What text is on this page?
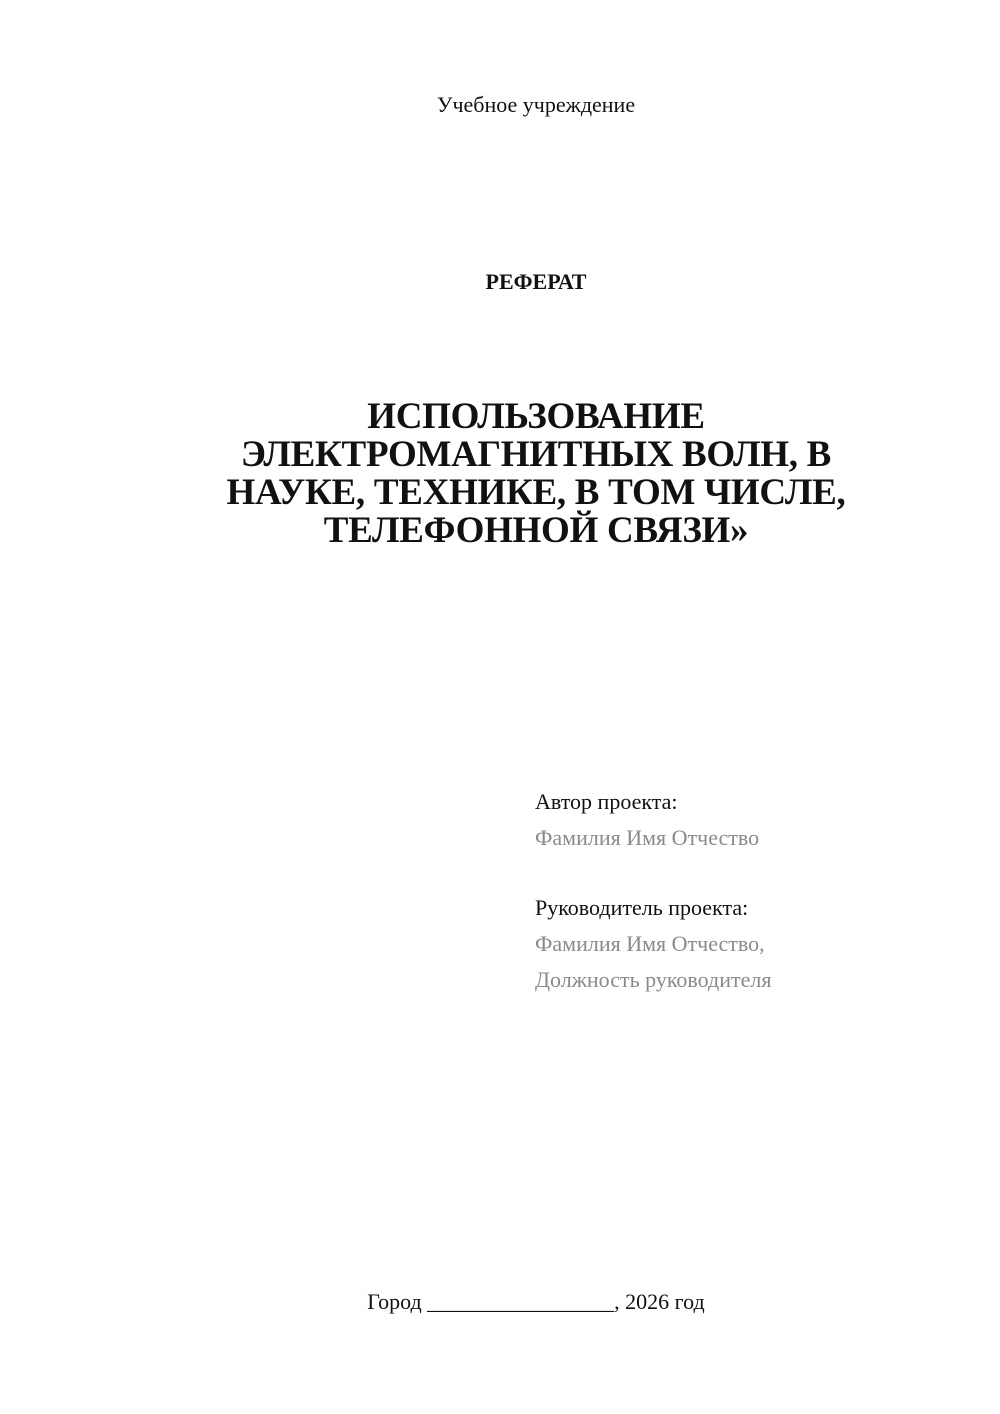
Учебное учреждение
РЕФЕРАТ
ИСПОЛЬЗОВАНИЕ
ЭЛЕКТРОМАГНИТНЫХ ВОЛН, В
НАУКЕ, ТЕХНИКЕ, В ТОМ ЧИСЛЕ,
ТЕЛЕФОННОЙ СВЯЗИ»
Автор проекта:
Фамилия Имя Отчество
Руководитель проекта:
Фамилия Имя Отчество,
Должность руководителя
Город _________________, 2026 год
